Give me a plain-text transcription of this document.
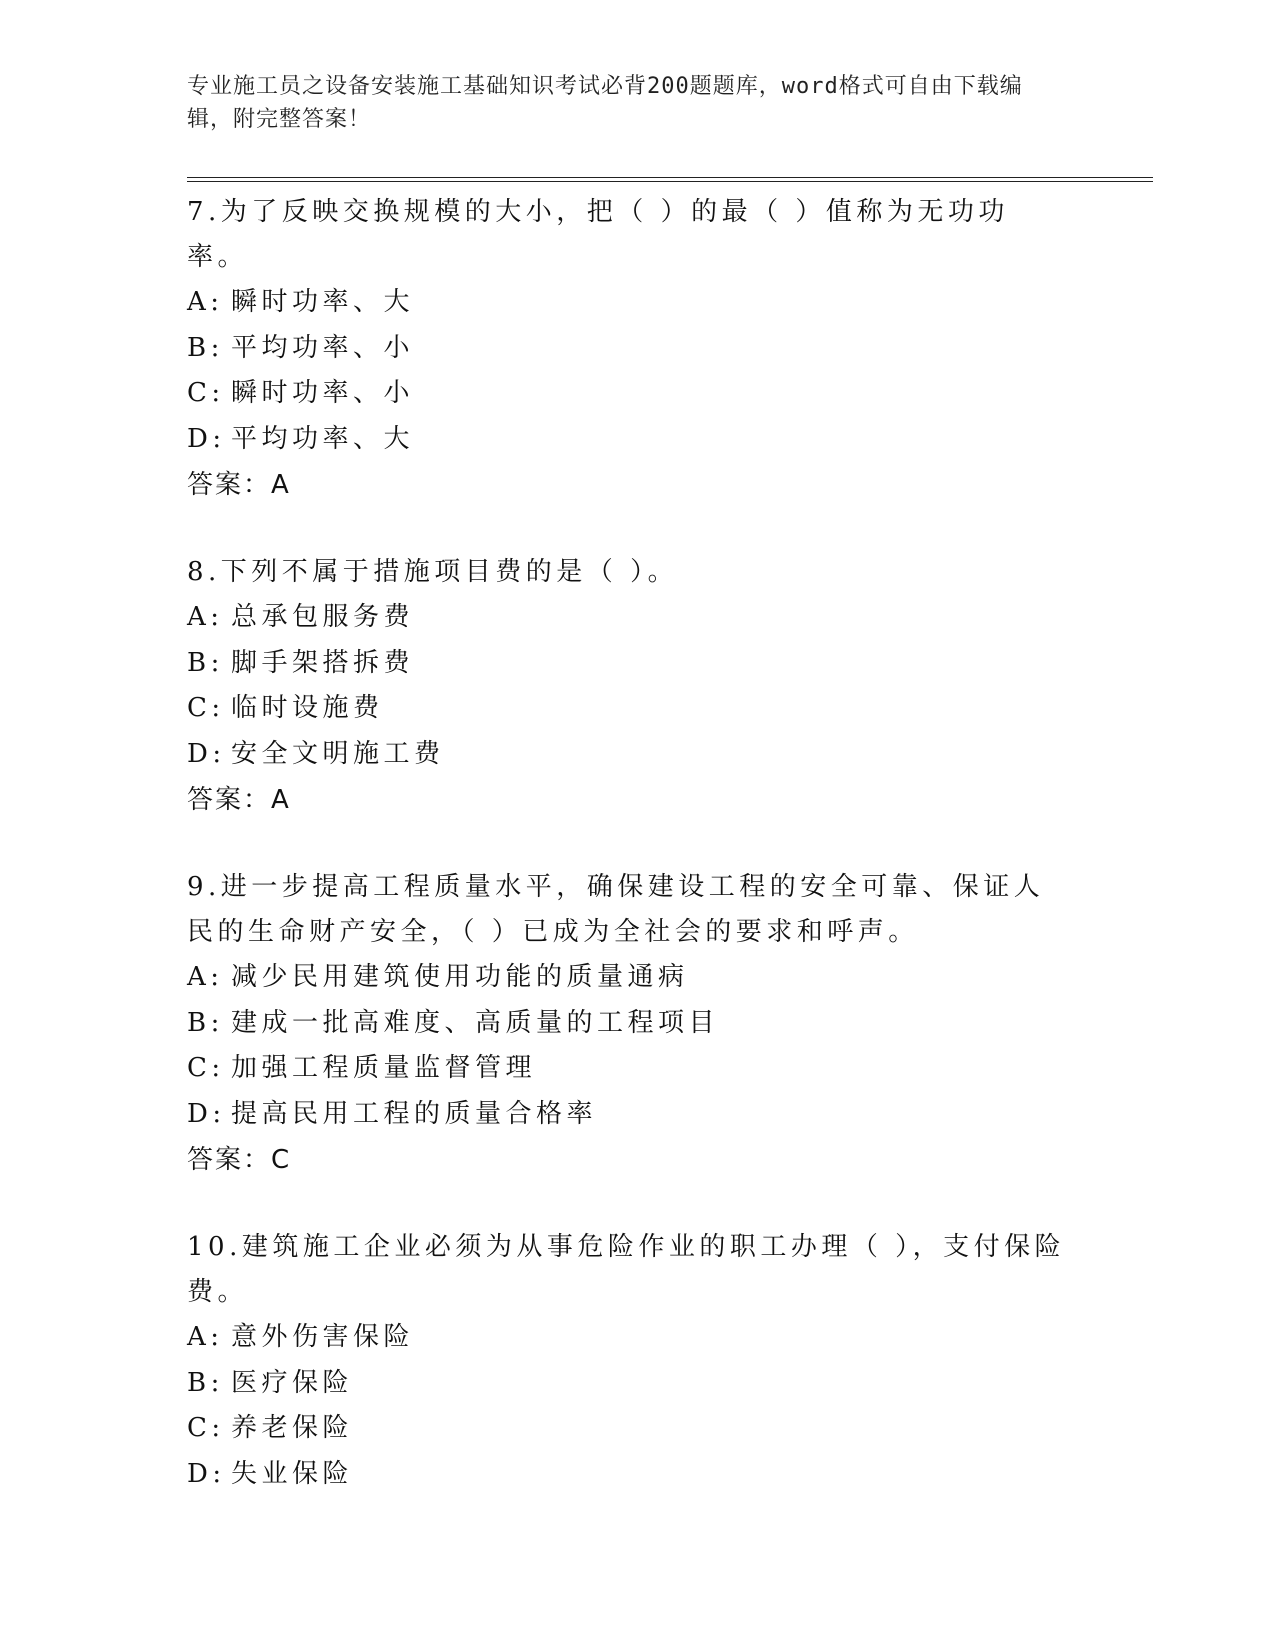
专业施工员之设备安装施工基础知识考试必背200题题库，word格式可自由下载编辑，附完整答案！
7.为了反映交换规模的大小，把（ ）的最（ ）值称为无功功率。
A: 瞬时功率、大
B: 平均功率、小
C: 瞬时功率、小
D: 平均功率、大
答案：A
8.下列不属于措施项目费的是（ ）。
A: 总承包服务费
B: 脚手架搭拆费
C: 临时设施费
D: 安全文明施工费
答案：A
9.进一步提高工程质量水平，确保建设工程的安全可靠、保证人民的生命财产安全，（ ）已成为全社会的要求和呼声。
A: 减少民用建筑使用功能的质量通病
B: 建成一批高难度、高质量的工程项目
C: 加强工程质量监督管理
D: 提高民用工程的质量合格率
答案：C
10.建筑施工企业必须为从事危险作业的职工办理（ ），支付保险费。
A: 意外伤害保险
B: 医疗保险
C: 养老保险
D: 失业保险
